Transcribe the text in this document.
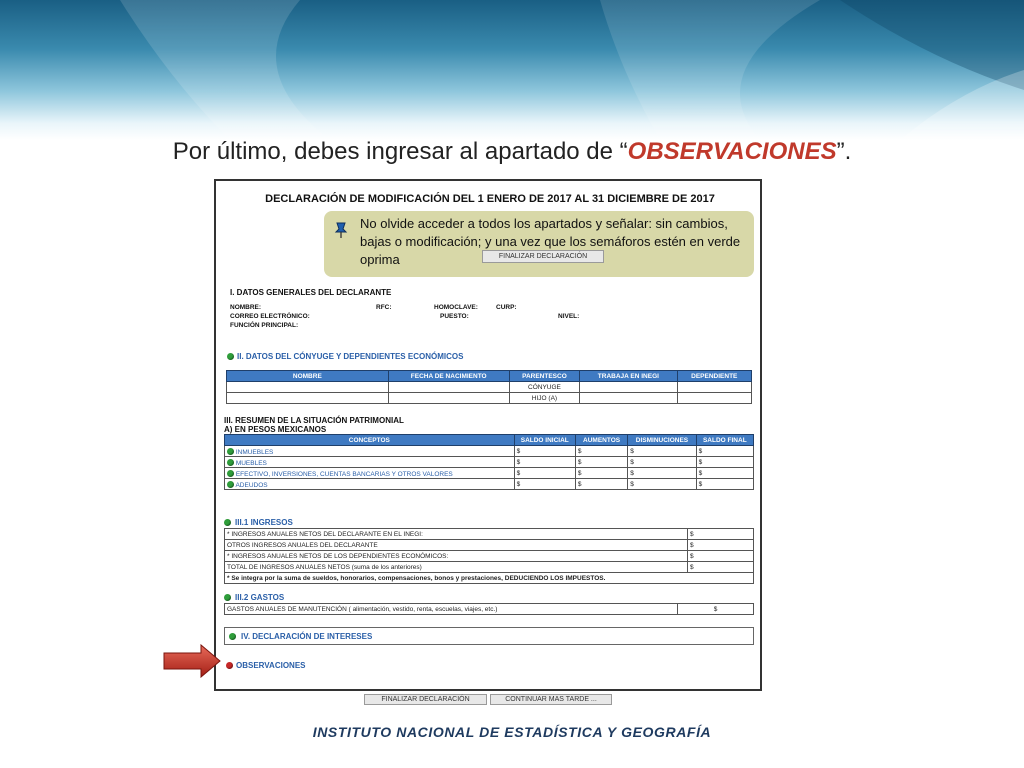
Por último, debes ingresar al apartado de “OBSERVACIONES”.
DECLARACIÓN DE MODIFICACIÓN DEL 1 ENERO DE 2017 AL 31 DICIEMBRE DE 2017
No olvide acceder a todos los apartados y señalar: sin cambios, bajas o modificación; y una vez que los semáforos estén en verde oprima	FINALIZAR DECLARACIÓN
I. DATOS GENERALES DEL DECLARANTE
NOMBRE:	RFC:	HOMOCLAVE:	CURP:
CORREO ELECTRÓNICO:	PUESTO:	NIVEL:
FUNCIÓN PRINCIPAL:
II. DATOS DEL CÓNYUGE Y DEPENDIENTES ECONÓMICOS
NOMBRE	FECHA DE NACIMIENTO	PARENTESCO	TRABAJA EN INEGI	DEPENDIENTE
		CÓNYUGE		
		HIJO (A)		
III. RESUMEN DE LA SITUACIÓN PATRIMONIAL
A) EN PESOS MEXICANOS
CONCEPTOS	SALDO INICIAL	AUMENTOS	DISMINUCIONES	SALDO FINAL
INMUEBLES	$	$	$	$
MUEBLES	$	$	$	$
EFECTIVO, INVERSIONES, CUENTAS BANCARIAS Y OTROS VALORES	$	$	$	$
ADEUDOS	$	$	$	$
III.1 INGRESOS
* INGRESOS ANUALES NETOS DEL DECLARANTE EN EL INEGI:	$
OTROS INGRESOS ANUALES DEL DECLARANTE	$
* INGRESOS ANUALES NETOS DE LOS DEPENDIENTES ECONÓMICOS:	$
TOTAL DE INGRESOS ANUALES NETOS (suma de los anteriores)	$
* Se integra por la suma de sueldos, honorarios, compensaciones, bonos y prestaciones, DEDUCIENDO LOS IMPUESTOS.	
III.2 GASTOS
GASTOS ANUALES DE MANUTENCIÓN ( alimentación, vestido, renta, escuelas, viajes, etc.)	$
IV. DECLARACIÓN DE INTERESES
OBSERVACIONES
FINALIZAR DECLARACIÓN	CONTINUAR MAS TARDE ...
INSTITUTO NACIONAL DE ESTADÍSTICA Y GEOGRAFÍA
